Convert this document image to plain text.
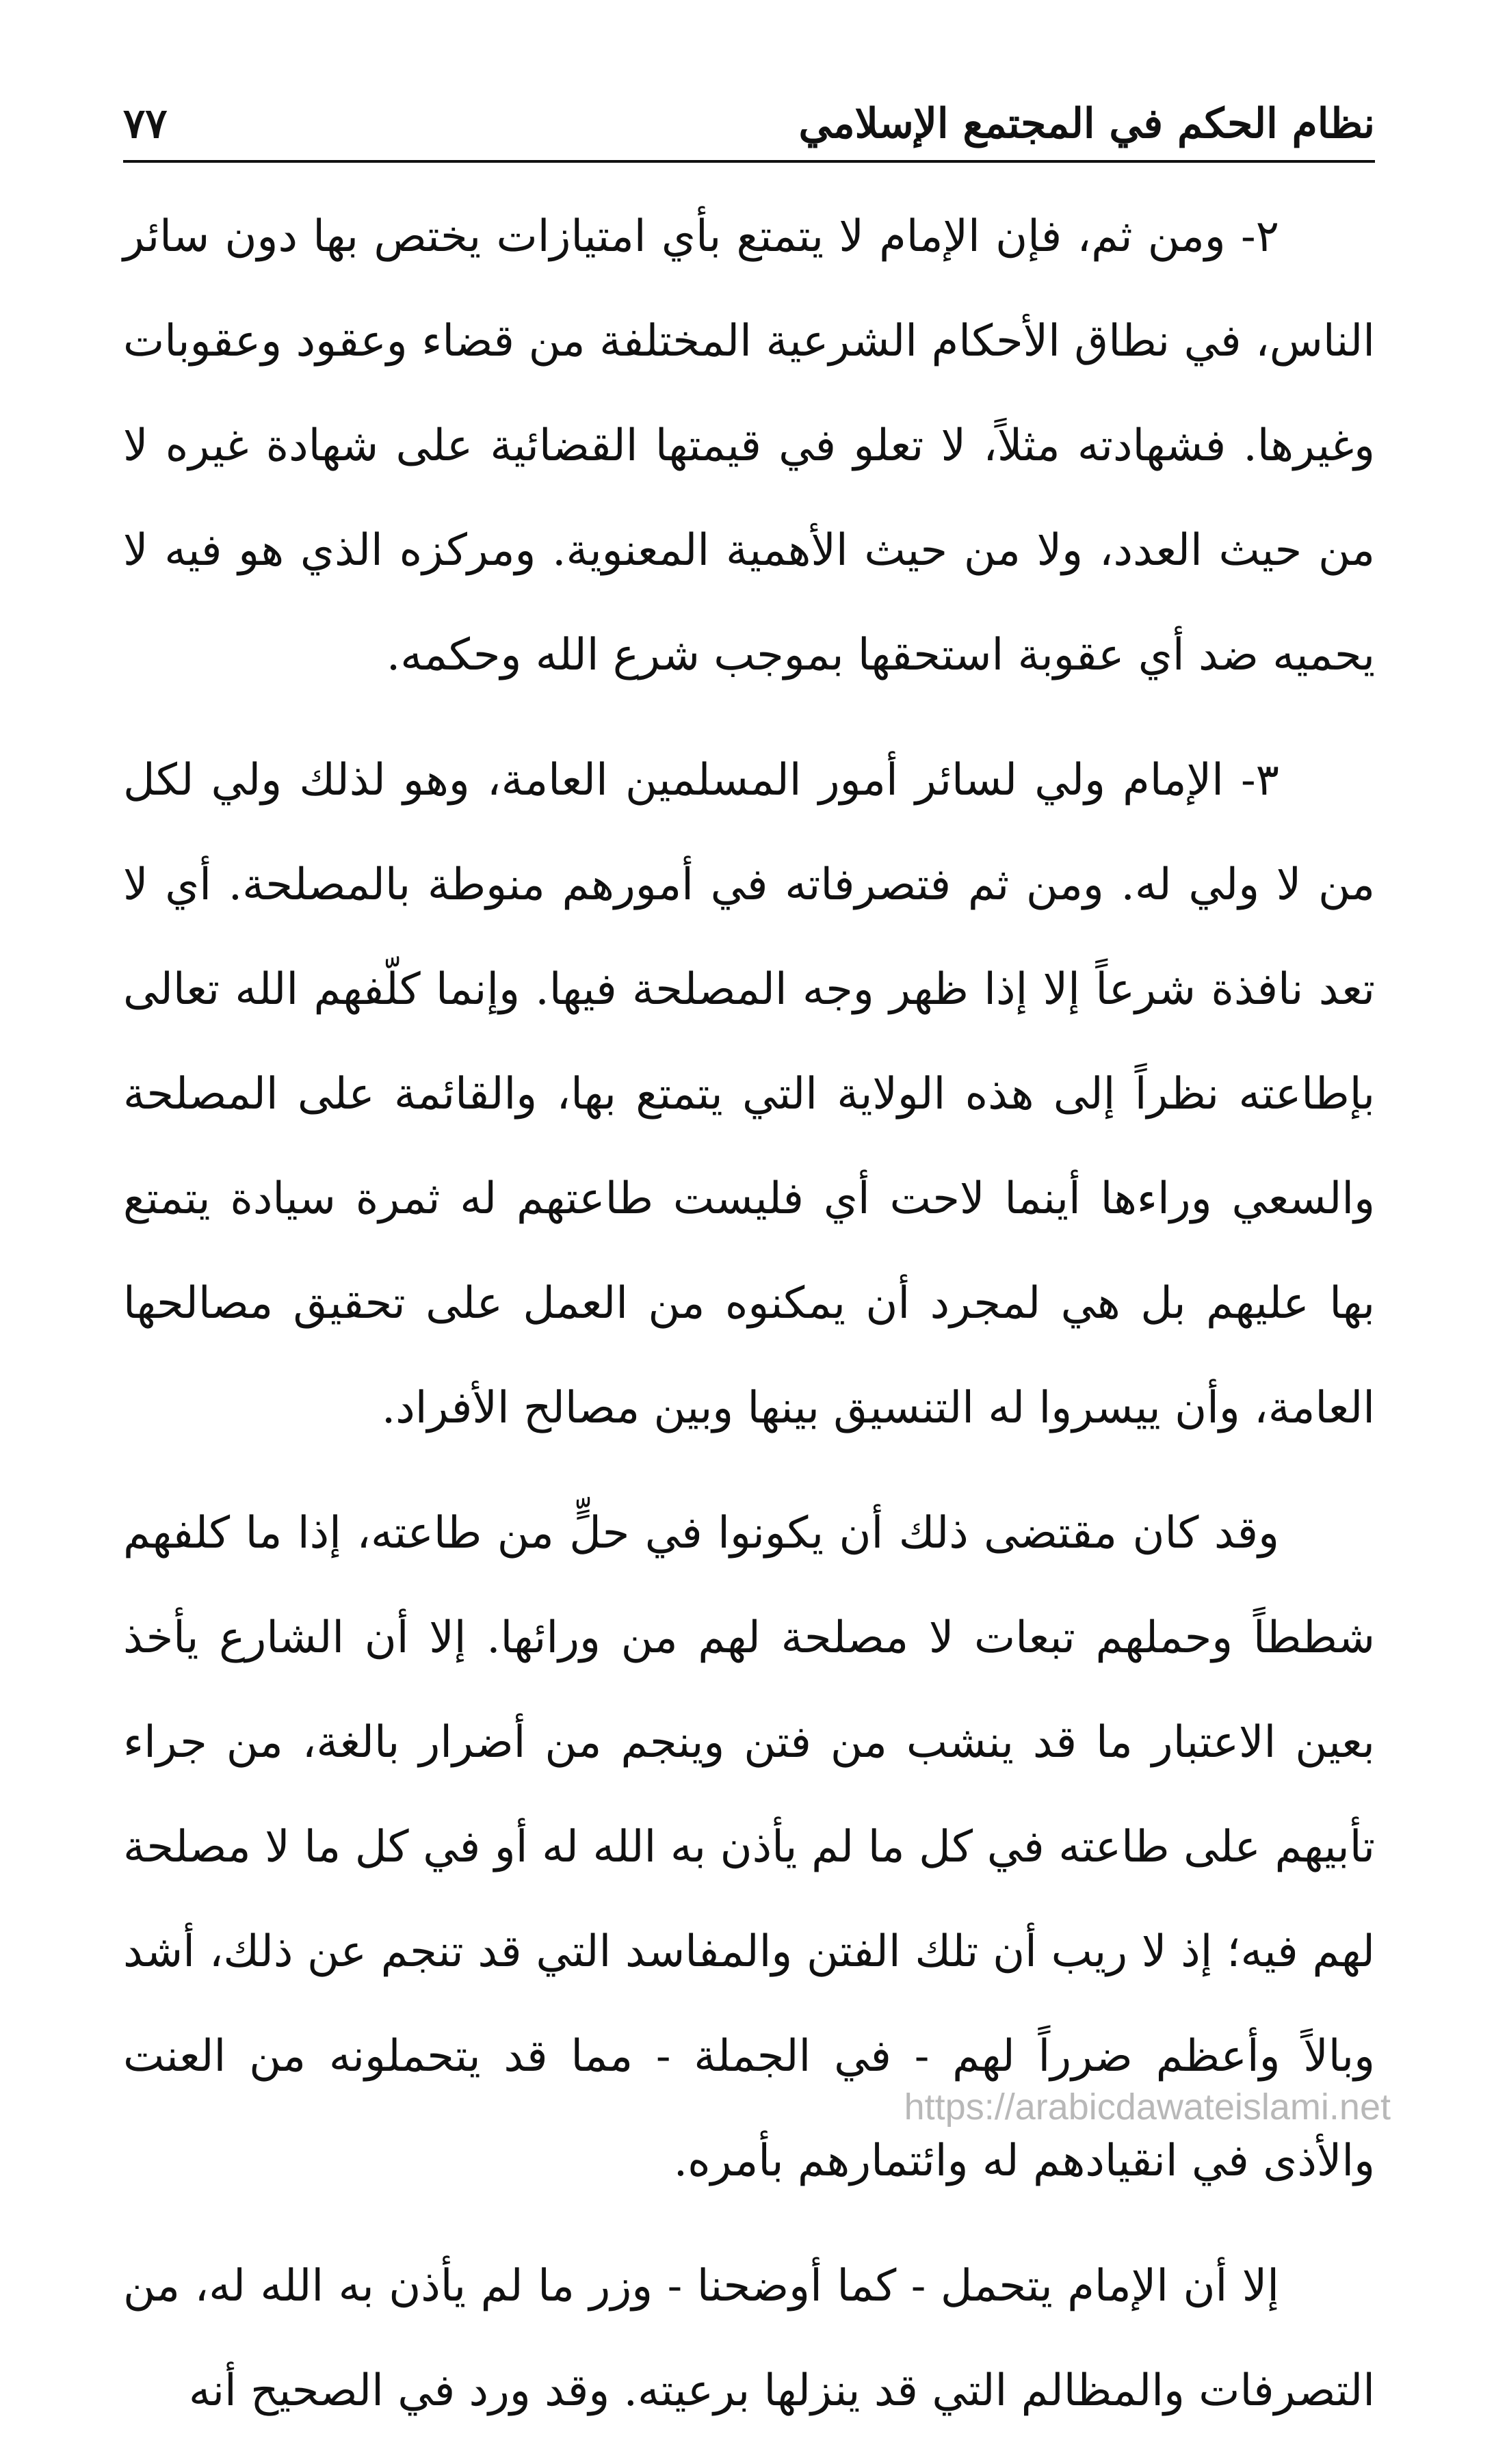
نظام الحكم في المجتمع الإسلامي
٧٧

٢- ومن ثم، فإن الإمام لا يتمتع بأي امتيازات يختص بها دون سائر الناس، في نطاق الأحكام الشرعية المختلفة من قضاء وعقود وعقوبات وغيرها. فشهادته مثلاً، لا تعلو في قيمتها القضائية على شهادة غيره لا من حيث العدد، ولا من حيث الأهمية المعنوية. ومركزه الذي هو فيه لا يحميه ضد أي عقوبة استحقها بموجب شرع الله وحكمه.

٣- الإمام ولي لسائر أمور المسلمين العامة، وهو لذلك ولي لكل من لا ولي له. ومن ثم فتصرفاته في أمورهم منوطة بالمصلحة. أي لا تعد نافذة شرعاً إلا إذا ظهر وجه المصلحة فيها. وإنما كلّفهم الله تعالى بإطاعته نظراً إلى هذه الولاية التي يتمتع بها، والقائمة على المصلحة والسعي وراءها أينما لاحت أي فليست طاعتهم له ثمرة سيادة يتمتع بها عليهم بل هي لمجرد أن يمكنوه من العمل على تحقيق مصالحها العامة، وأن ييسروا له التنسيق بينها وبين مصالح الأفراد.

وقد كان مقتضى ذلك أن يكونوا في حلٍّ من طاعته، إذا ما كلفهم شططاً وحملهم تبعات لا مصلحة لهم من ورائها. إلا أن الشارع يأخذ بعين الاعتبار ما قد ينشب من فتن وينجم من أضرار بالغة، من جراء تأبيهم على طاعته في كل ما لم يأذن به الله له أو في كل ما لا مصلحة لهم فيه؛ إذ لا ريب أن تلك الفتن والمفاسد التي قد تنجم عن ذلك، أشد وبالاً وأعظم ضرراً لهم - في الجملة - مما قد يتحملونه من العنت والأذى في انقيادهم له وائتمارهم بأمره.

إلا أن الإمام يتحمل - كما أوضحنا - وزر ما لم يأذن به الله له، من التصرفات والمظالم التي قد ينزلها برعيته. وقد ورد في الصحيح أنه

https://arabicdawateislami.net
